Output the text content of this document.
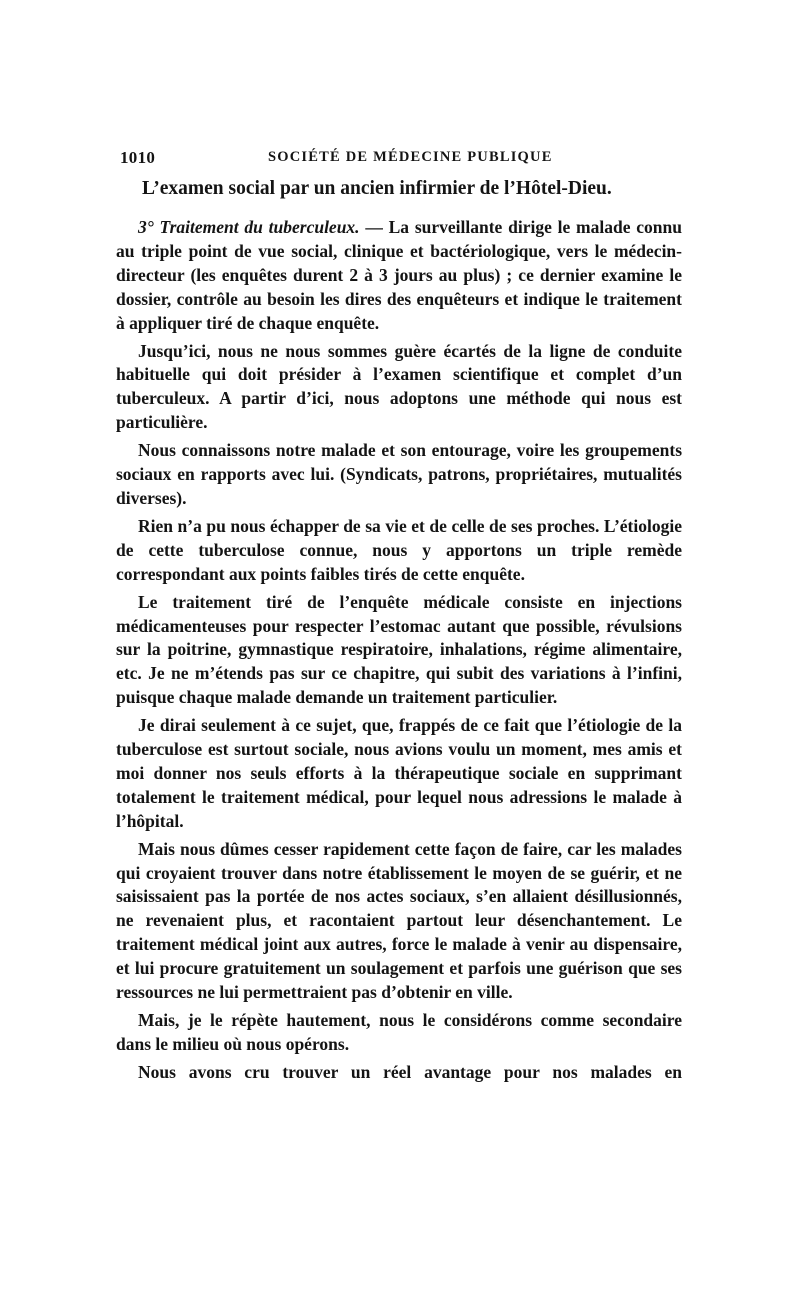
1010	SOCIÉTÉ DE MÉDECINE PUBLIQUE

L’examen social par un ancien infirmier de l’Hôtel-Dieu.

3° Traitement du tuberculeux. — La surveillante dirige le malade connu au triple point de vue social, clinique et bactériologique, vers le médecin-directeur (les enquêtes durent 2 à 3 jours au plus) ; ce dernier examine le dossier, contrôle au besoin les dires des enquêteurs et indique le traitement à appliquer tiré de chaque enquête.

Jusqu’ici, nous ne nous sommes guère écartés de la ligne de conduite habituelle qui doit présider à l’examen scientifique et complet d’un tuberculeux. A partir d’ici, nous adoptons une méthode qui nous est particulière.

Nous connaissons notre malade et son entourage, voire les groupements sociaux en rapports avec lui. (Syndicats, patrons, propriétaires, mutualités diverses).

Rien n’a pu nous échapper de sa vie et de celle de ses proches. L’étiologie de cette tuberculose connue, nous y apportons un triple remède correspondant aux points faibles tirés de cette enquête.

Le traitement tiré de l’enquête médicale consiste en injections médicamenteuses pour respecter l’estomac autant que possible, révulsions sur la poitrine, gymnastique respiratoire, inhalations, régime alimentaire, etc. Je ne m’étends pas sur ce chapitre, qui subit des variations à l’infini, puisque chaque malade demande un traitement particulier.

Je dirai seulement à ce sujet, que, frappés de ce fait que l’étiologie de la tuberculose est surtout sociale, nous avions voulu un moment, mes amis et moi donner nos seuls efforts à la thérapeutique sociale en supprimant totalement le traitement médical, pour lequel nous adressions le malade à l’hôpital.

Mais nous dûmes cesser rapidement cette façon de faire, car les malades qui croyaient trouver dans notre établissement le moyen de se guérir, et ne saisissaient pas la portée de nos actes sociaux, s’en allaient désillusionnés, ne revenaient plus, et racontaient partout leur désenchantement. Le traitement médical joint aux autres, force le malade à venir au dispensaire, et lui procure gratuitement un soulagement et parfois une guérison que ses ressources ne lui permettraient pas d’obtenir en ville.

Mais, je le répète hautement, nous le considérons comme secondaire dans le milieu où nous opérons.

Nous avons cru trouver un réel avantage pour nos malades en
